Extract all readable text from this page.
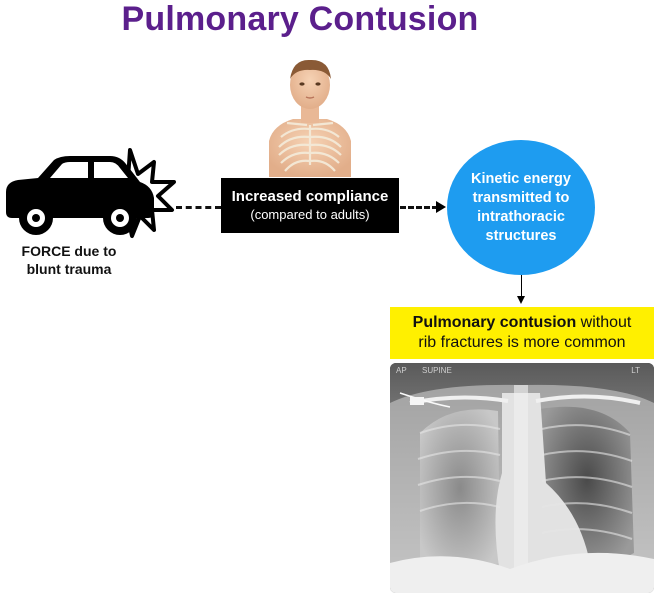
Pulmonary Contusion
FORCE due to
blunt trauma
Increased compliance
(compared to adults)
Kinetic energy transmitted to intrathoracic structures
Pulmonary contusion without
rib fractures is more common
AP SUPINE	LT
